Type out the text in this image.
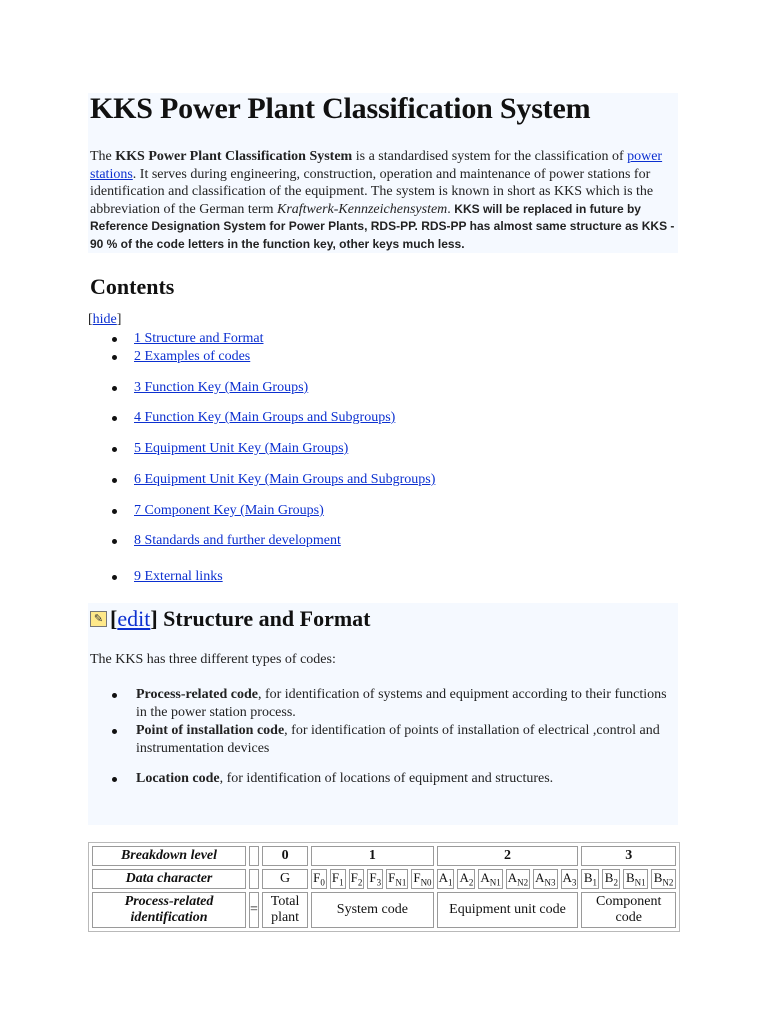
KKS Power Plant Classification System

The KKS Power Plant Classification System is a standardised system for the classification of power stations. It serves during engineering, construction, operation and maintenance of power stations for identification and classification of the equipment. The system is known in short as KKS which is the abbreviation of the German term Kraftwerk-Kennzeichensystem. KKS will be replaced in future by Reference Designation System for Power Plants, RDS-PP. RDS-PP has almost same structure as KKS - 90 % of the code letters in the function key, other keys much less.

Contents
[hide]
1 Structure and Format
2 Examples of codes
3 Function Key (Main Groups)
4 Function Key (Main Groups and Subgroups)
5 Equipment Unit Key (Main Groups)
6 Equipment Unit Key (Main Groups and Subgroups)
7 Component Key (Main Groups)
8 Standards and further development
9 External links
✎ [edit] Structure and Format
The KKS has three different types of codes:
Process-related code, for identification of systems and equipment according to their functions in the power station process.
Point of installation code, for identification of points of installation of electrical ,control and instrumentation devices
Location code, for identification of locations of equipment and structures.
Breakdown level		0	1						2						3			
Data character		G	$F_0$	$F_1$	$F_2$	$F_3$	$F_{N1}$	$F_{N0}$	$A_1$	$A_2$	$A_{N1}$	$A_{N2}$	$A_{N3}$	$A_3$	$B_1$	$B_2$	$B_{N1}$	$B_{N2}$
Process-related identification	=	Total plant	System code						Equipment unit code						Component code			
